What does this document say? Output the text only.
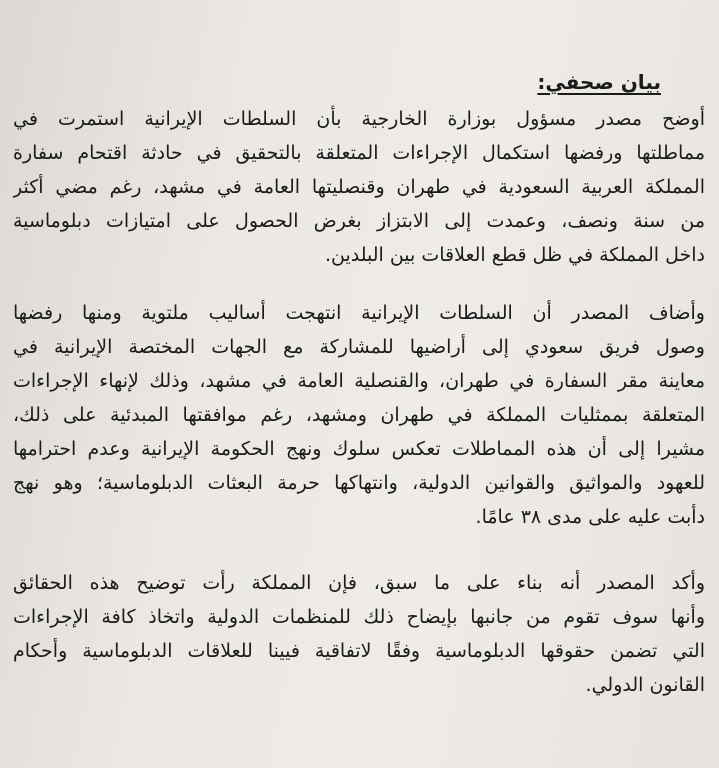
بيان صحفي:
أوضح مصدر مسؤول بوزارة الخارجية بأن السلطات الإيرانية استمرت في
مماطلتها ورفضها استكمال الإجراءات المتعلقة بالتحقيق في حادثة اقتحام سفارة
المملكة العربية السعودية في طهران وقنصليتها العامة في مشهد، رغم مضي أكثر
من سنة ونصف، وعمدت إلى الابتزاز بغرض الحصول على امتيازات دبلوماسية
داخل المملكة في ظل قطع العلاقات بين البلدين.
وأضاف المصدر أن السلطات الإيرانية انتهجت أساليب ملتوية ومنها رفضها
وصول فريق سعودي إلى أراضيها للمشاركة مع الجهات المختصة الإيرانية في
معاينة مقر السفارة في طهران، والقنصلية العامة في مشهد، وذلك لإنهاء الإجراءات
المتعلقة بممثليات المملكة في طهران ومشهد، رغم موافقتها المبدئية على ذلك،
مشيرا إلى أن هذه المماطلات تعكس سلوك ونهج الحكومة الإيرانية وعدم احترامها
للعهود والمواثيق والقوانين الدولية، وانتهاكها حرمة البعثات الدبلوماسية؛ وهو نهج
دأبت عليه على مدى ٣٨ عامًا.
وأكد المصدر أنه بناء على ما سبق، فإن المملكة رأت توضيح هذه الحقائق
وأنها سوف تقوم من جانبها بإيضاح ذلك للمنظمات الدولية واتخاذ كافة الإجراءات
التي تضمن حقوقها الدبلوماسية وفقًا لاتفاقية فيينا للعلاقات الدبلوماسية وأحكام
القانون الدولي.
